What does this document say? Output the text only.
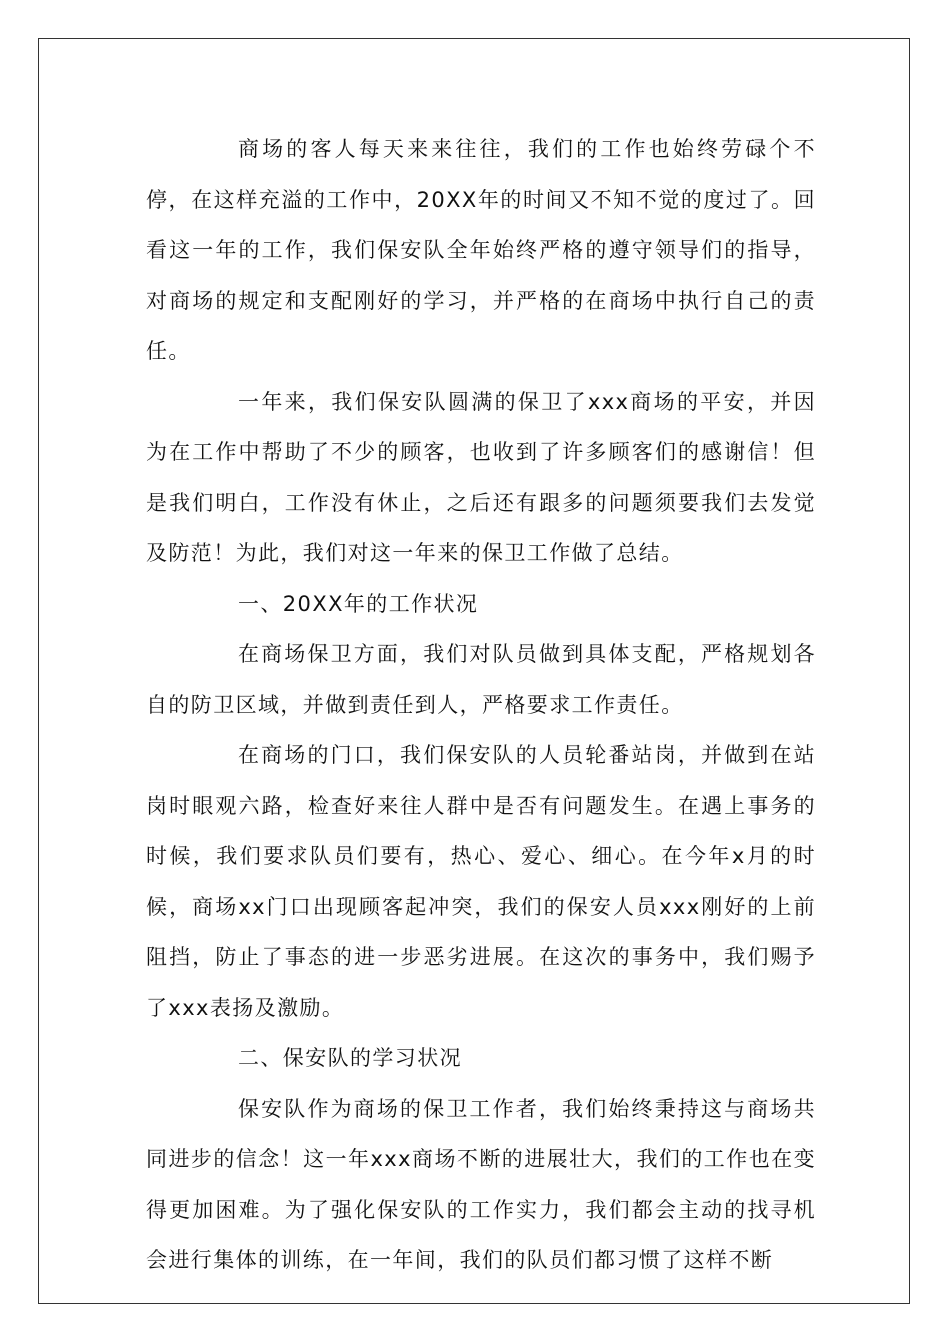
商场的客人每天来来往往，我们的工作也始终劳碌个不停，在这样充溢的工作中，20XX年的时间又不知不觉的度过了。回看这一年的工作，我们保安队全年始终严格的遵守领导们的指导，对商场的规定和支配刚好的学习，并严格的在商场中执行自己的责任。

一年来，我们保安队圆满的保卫了xxx商场的平安，并因为在工作中帮助了不少的顾客，也收到了许多顾客们的感谢信！但是我们明白，工作没有休止，之后还有跟多的问题须要我们去发觉及防范！为此，我们对这一年来的保卫工作做了总结。

一、20XX年的工作状况

在商场保卫方面，我们对队员做到具体支配，严格规划各自的防卫区域，并做到责任到人，严格要求工作责任。

在商场的门口，我们保安队的人员轮番站岗，并做到在站岗时眼观六路，检查好来往人群中是否有问题发生。在遇上事务的时候，我们要求队员们要有，热心、爱心、细心。在今年x月的时候，商场xx门口出现顾客起冲突，我们的保安人员xxx刚好的上前阻挡，防止了事态的进一步恶劣进展。在这次的事务中，我们赐予了xxx表扬及激励。

二、保安队的学习状况

保安队作为商场的保卫工作者，我们始终秉持这与商场共同进步的信念！这一年xxx商场不断的进展壮大，我们的工作也在变得更加困难。为了强化保安队的工作实力，我们都会主动的找寻机会进行集体的训练，在一年间，我们的队员们都习惯了这样不断
